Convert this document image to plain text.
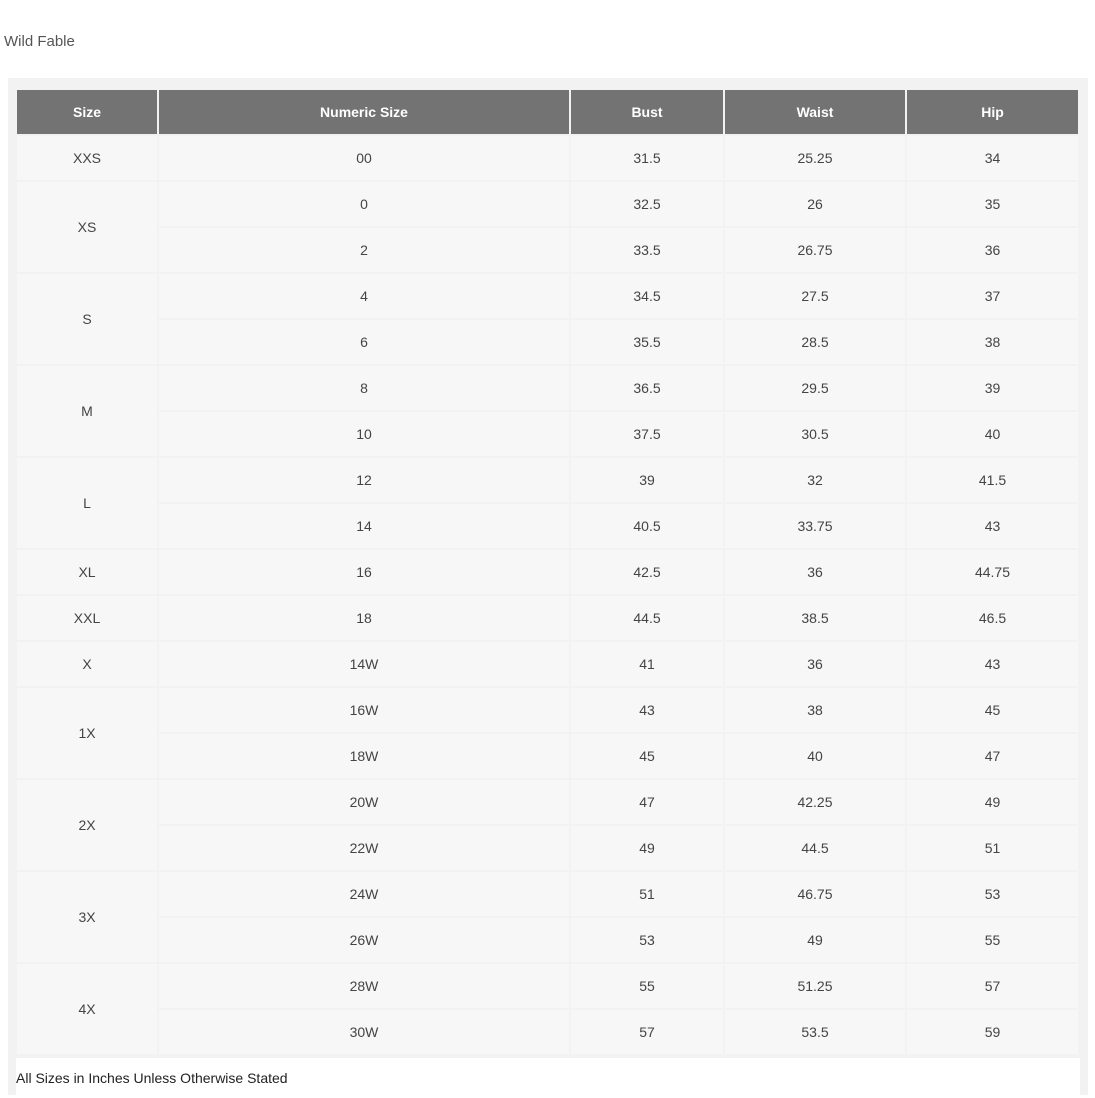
Wild Fable
Size	Numeric Size	Bust	Waist	Hip
XXS	00	31.5	25.25	34
XS	0	32.5	26	35
	2	33.5	26.75	36
S	4	34.5	27.5	37
	6	35.5	28.5	38
M	8	36.5	29.5	39
	10	37.5	30.5	40
L	12	39	32	41.5
	14	40.5	33.75	43
XL	16	42.5	36	44.75
XXL	18	44.5	38.5	46.5
X	14W	41	36	43
1X	16W	43	38	45
	18W	45	40	47
2X	20W	47	42.25	49
	22W	49	44.5	51
3X	24W	51	46.75	53
	26W	53	49	55
4X	28W	55	51.25	57
	30W	57	53.5	59
All Sizes in Inches Unless Otherwise Stated
